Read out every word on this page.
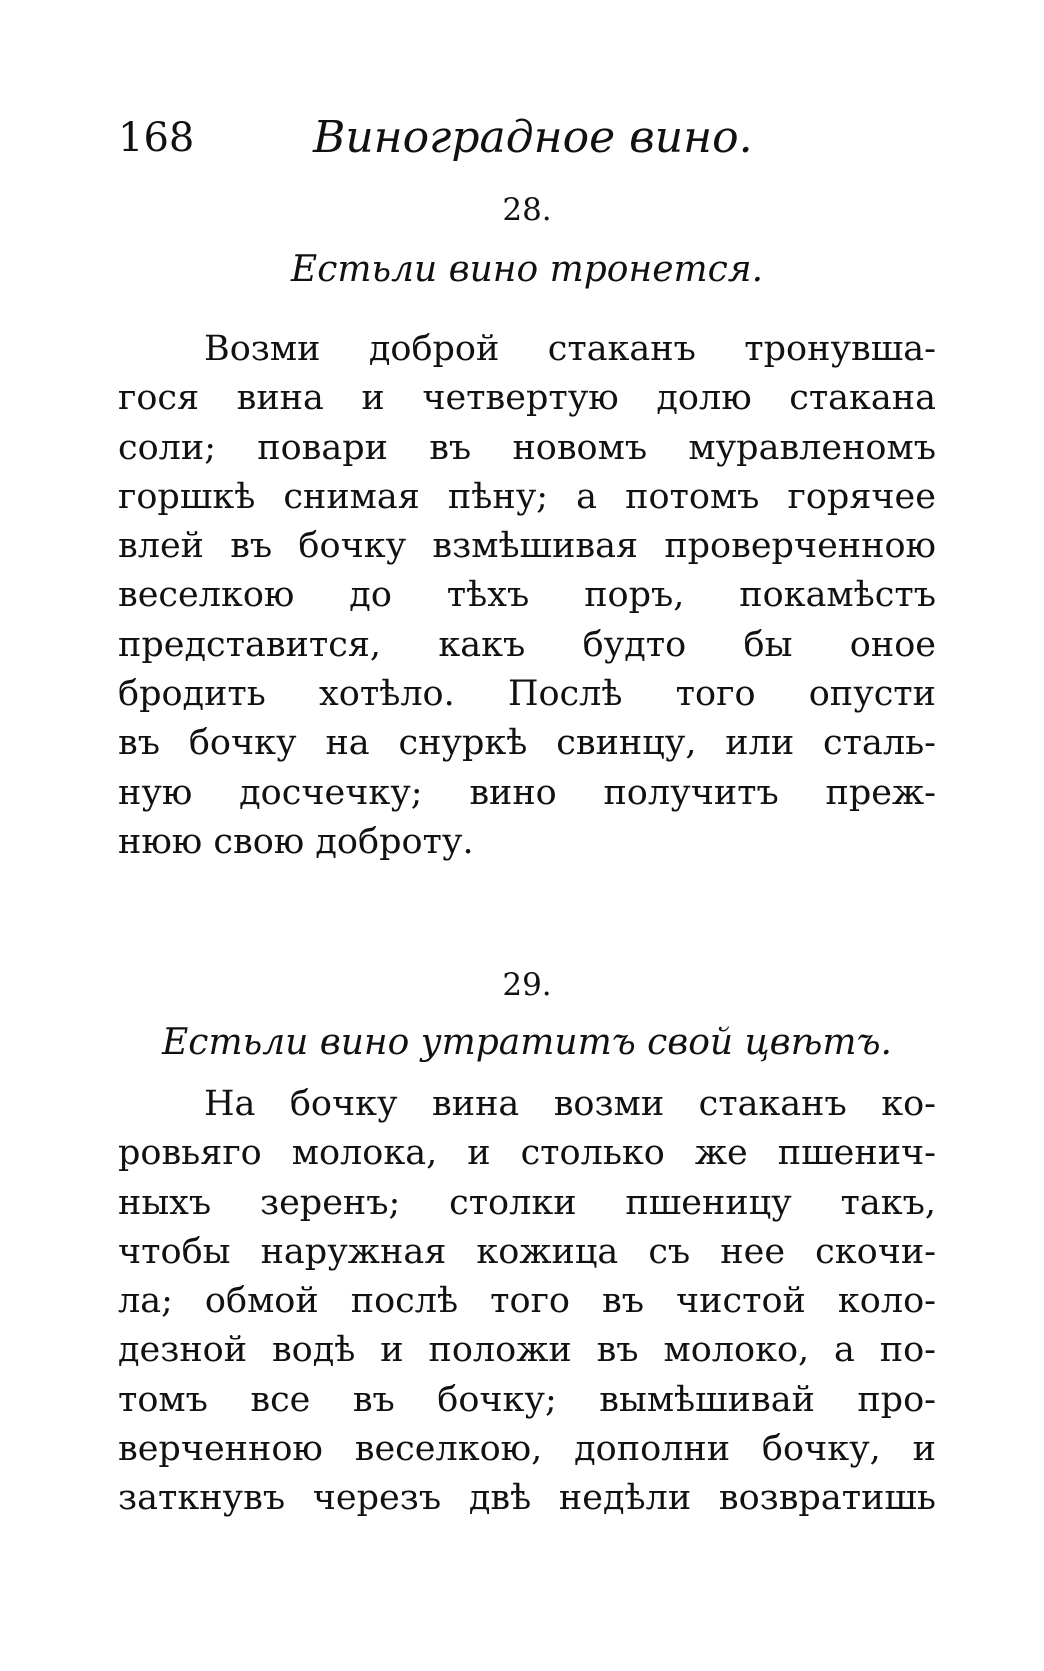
168	Виноградное вино.
28.
Естьли вино тронется.
Возми доброй стаканъ тронувша-
гося вина и четвертую долю стакана
соли; повари въ новомъ муравленомъ
горшкѣ снимая пѣну; а потомъ горячее
влей въ бочку взмѣшивая проверченною
веселкою до тѣхъ поръ, покамѣстъ
представится, какъ будто бы оное
бродить хотѣло. Послѣ того опусти
въ бочку на снуркѣ свинцу, или сталь-
ную досчечку; вино получитъ преж-
нюю свою доброту.
29.
Естьли вино утратитъ свой цвѣтъ.
На бочку вина возми стаканъ ко-
ровьяго молока, и столько же пшенич-
ныхъ зеренъ; столки пшеницу такъ,
чтобы наружная кожица съ нее скочи-
ла; обмой послѣ того въ чистой коло-
дезной водѣ и положи въ молоко, а по-
томъ все въ бочку; вымѣшивай про-
верченною веселкою, дополни бочку, и
заткнувъ черезъ двѣ недѣли возвратишь
